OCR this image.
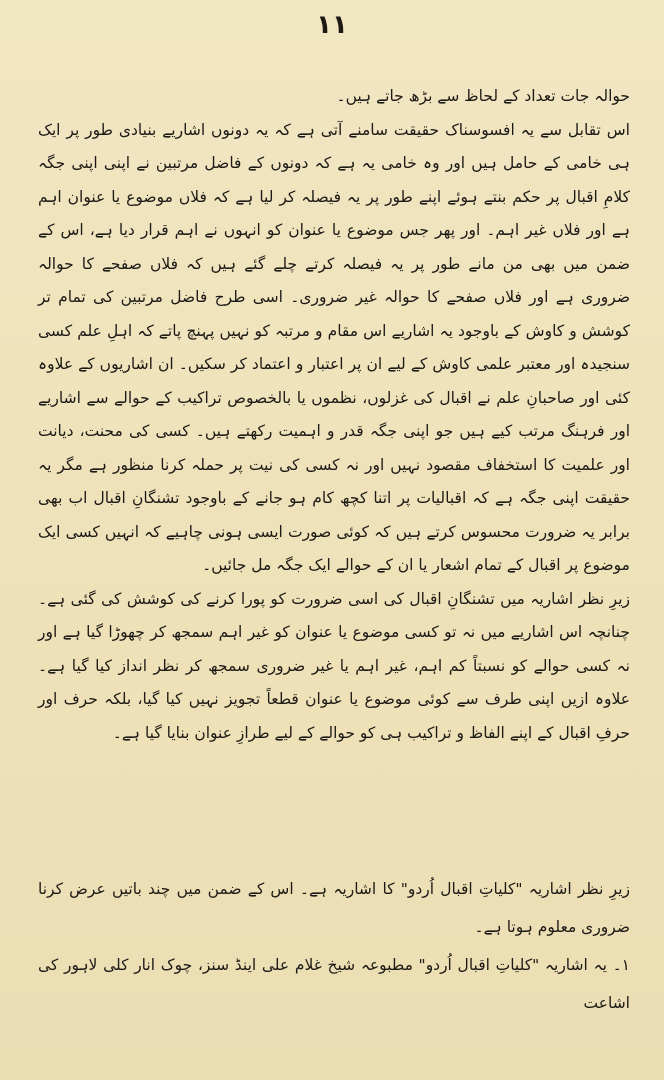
۱۱

حوالہ جات تعداد کے لحاظ سے بڑھ جاتے ہیں۔

اس تقابل سے یہ افسوسناک حقیقت سامنے آتی ہے کہ یہ دونوں اشاریے بنیادی طور پر ایک ہی خامی کے حامل ہیں اور وہ خامی یہ ہے کہ دونوں کے فاضل مرتبین نے اپنی اپنی جگہ کلامِ اقبال پر حکم بنتے ہوئے اپنے طور پر یہ فیصلہ کر لیا ہے کہ فلاں موضوع یا عنوان اہم ہے اور فلاں غیر اہم۔ اور پھر جس موضوع یا عنوان کو انہوں نے اہم قرار دیا ہے، اس کے ضمن میں بھی من مانے طور پر یہ فیصلہ کرتے چلے گئے ہیں کہ فلاں صفحے کا حوالہ ضروری ہے اور فلاں صفحے کا حوالہ غیر ضروری۔ اسی طرح فاضل مرتبین کی تمام تر کوشش و کاوش کے باوجود یہ اشاریے اس مقام و مرتبہ کو نہیں پہنچ پاتے کہ اہلِ علم کسی سنجیدہ اور معتبر علمی کاوش کے لیے ان پر اعتبار و اعتماد کر سکیں۔ ان اشاریوں کے علاوہ کئی اور صاحبانِ علم نے اقبال کی غزلوں، نظموں یا بالخصوص تراکیب کے حوالے سے اشاریے اور فرہنگ مرتب کیے ہیں جو اپنی جگہ قدر و اہمیت رکھتے ہیں۔ کسی کی محنت، دیانت اور علمیت کا استخفاف مقصود نہیں اور نہ کسی کی نیت پر حملہ کرنا منظور ہے مگر یہ حقیقت اپنی جگہ ہے کہ اقبالیات پر اتنا کچھ کام ہو جانے کے باوجود تشنگانِ اقبال اب بھی برابر یہ ضرورت محسوس کرتے ہیں کہ کوئی صورت ایسی ہونی چاہیے کہ انہیں کسی ایک موضوع پر اقبال کے تمام اشعار یا ان کے حوالے ایک جگہ مل جائیں۔

زیرِ نظر اشاریہ میں تشنگانِ اقبال کی اسی ضرورت کو پورا کرنے کی کوشش کی گئی ہے۔ چنانچہ اس اشاریے میں نہ تو کسی موضوع یا عنوان کو غیر اہم سمجھ کر چھوڑا گیا ہے اور نہ کسی حوالے کو نسبتاً کم اہم، غیر اہم یا غیر ضروری سمجھ کر نظر انداز کیا گیا ہے۔ علاوہ ازیں اپنی طرف سے کوئی موضوع یا عنوان قطعاً تجویز نہیں کیا گیا، بلکہ حرف اور حرفِ اقبال کے اپنے الفاظ و تراکیب ہی کو حوالے کے لیے طرازِ عنوان بنایا گیا ہے۔

زیرِ نظر اشاریہ "کلیاتِ اقبال اُردو" کا اشاریہ ہے۔ اس کے ضمن میں چند باتیں عرض کرنا ضروری معلوم ہوتا ہے۔

۱۔ یہ اشاریہ "کلیاتِ اقبال اُردو" مطبوعہ شیخ غلام علی اینڈ سنز، چوک انار کلی لاہور کی اشاعت
